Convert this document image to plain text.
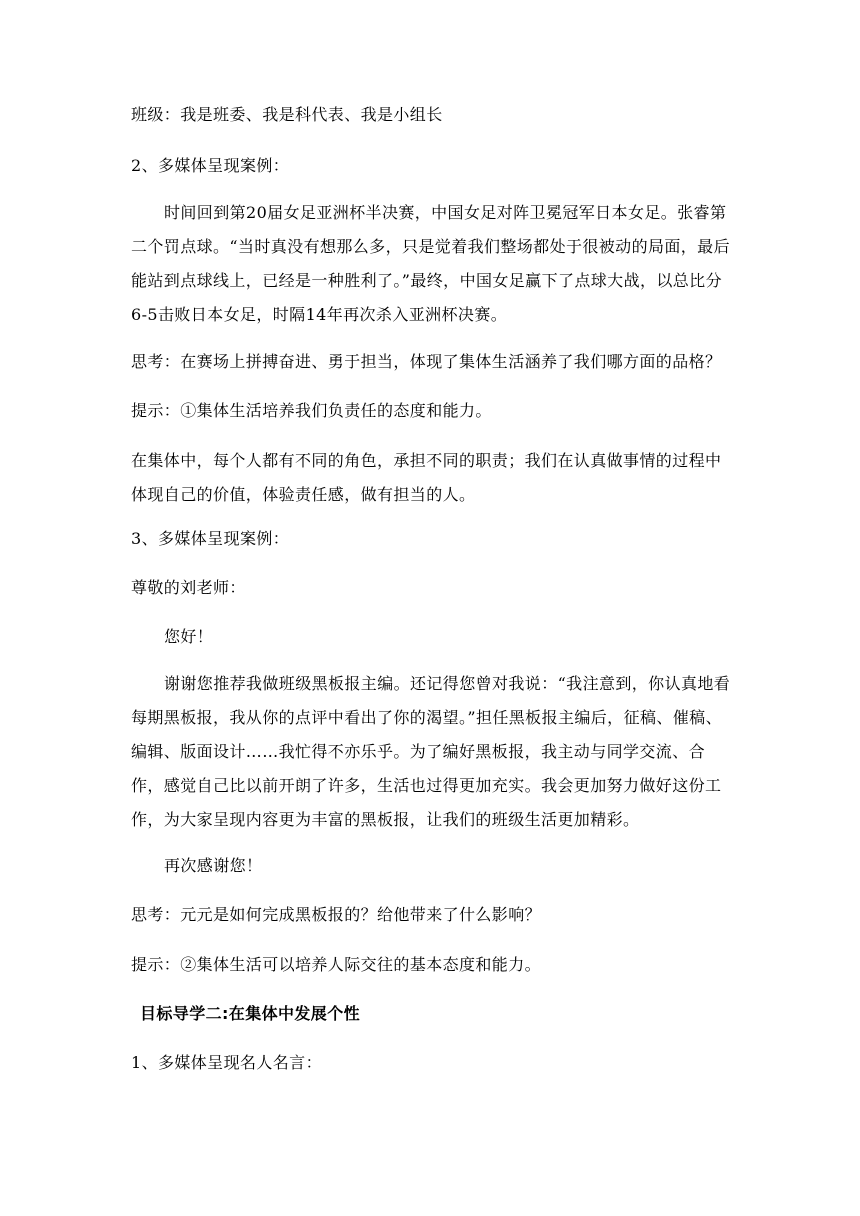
班级：我是班委、我是科代表、我是小组长
2、多媒体呈现案例：
时间回到第20届女足亚洲杯半决赛，中国女足对阵卫冕冠军日本女足。张睿第二个罚点球。“当时真没有想那么多，只是觉着我们整场都处于很被动的局面，最后能站到点球线上，已经是一种胜利了。”最终，中国女足赢下了点球大战，以总比分6-5击败日本女足，时隔14年再次杀入亚洲杯决赛。
思考：在赛场上拼搏奋进、勇于担当，体现了集体生活涵养了我们哪方面的品格？
提示：①集体生活培养我们负责任的态度和能力。
在集体中，每个人都有不同的角色，承担不同的职责；我们在认真做事情的过程中体现自己的价值，体验责任感，做有担当的人。
3、多媒体呈现案例：
尊敬的刘老师：
您好！
谢谢您推荐我做班级黑板报主编。还记得您曾对我说：“我注意到，你认真地看每期黑板报，我从你的点评中看出了你的渴望。”担任黑板报主编后，征稿、催稿、编辑、版面设计……我忙得不亦乐乎。为了编好黑板报，我主动与同学交流、合作，感觉自己比以前开朗了许多，生活也过得更加充实。我会更加努力做好这份工作，为大家呈现内容更为丰富的黑板报，让我们的班级生活更加精彩。
再次感谢您！
思考：元元是如何完成黑板报的？给他带来了什么影响？
提示：②集体生活可以培养人际交往的基本态度和能力。
目标导学二:在集体中发展个性
1、多媒体呈现名人名言：
